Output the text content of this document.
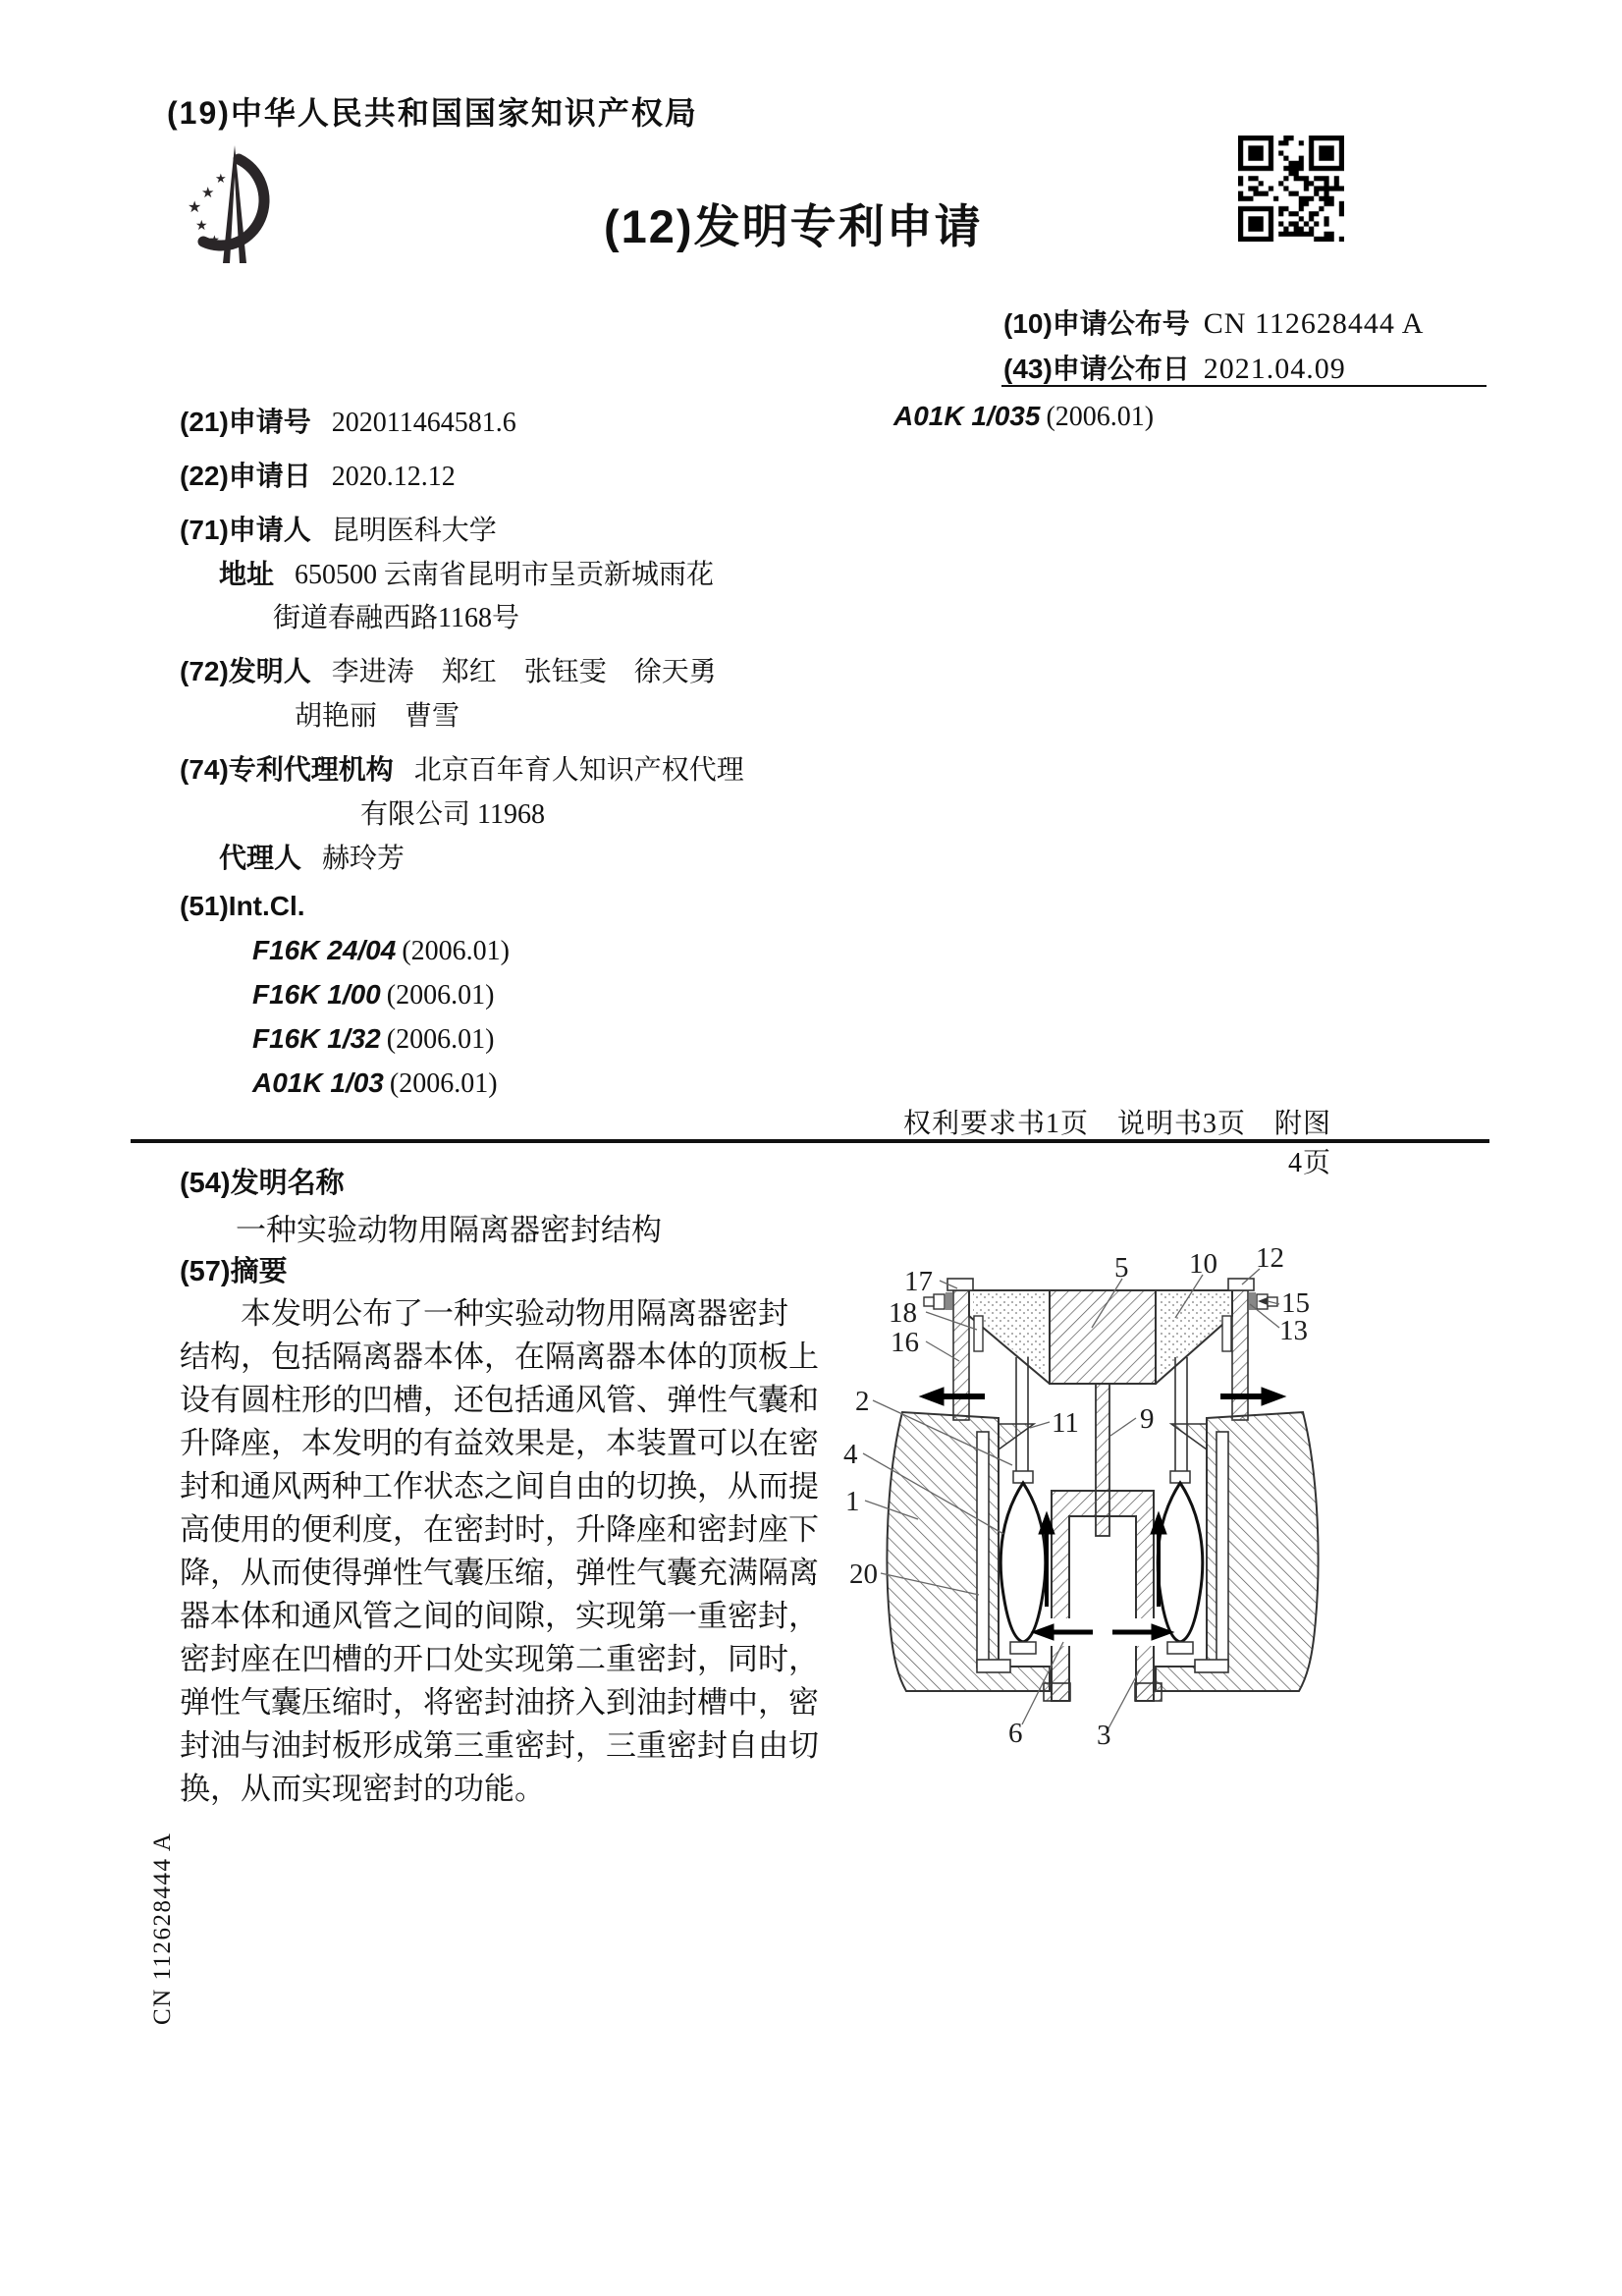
(19)中华人民共和国国家知识产权局
★
★
★
★
★	(12)发明专利申请
(10)申请公布号 CN 112628444 A
(43)申请公布日 2021.04.09
(21)申请号 202011464581.6
(22)申请日 2020.12.12
(71)申请人 昆明医科大学
地址 650500 云南省昆明市呈贡新城雨花
街道春融西路1168号
(72)发明人 李进涛　郑红　张钰雯　徐天勇
胡艳丽　曹雪
(74)专利代理机构 北京百年育人知识产权代理
有限公司 11968
代理人 赫玲芳
(51)Int.Cl.
F16K 24/04 (2006.01)
F16K 1/00 (2006.01)
F16K 1/32 (2006.01)
A01K 1/03 (2006.01)
A01K 1/035 (2006.01)
权利要求书1页　说明书3页　附图4页
(54)发明名称
一种实验动物用隔离器密封结构
(57)摘要
本发明公布了一种实验动物用隔离器密封
结构，包括隔离器本体，在隔离器本体的顶板上
设有圆柱形的凹槽，还包括通风管、弹性气囊和
升降座，本发明的有益效果是，本装置可以在密
封和通风两种工作状态之间自由的切换，从而提
高使用的便利度，在密封时，升降座和密封座下
降，从而使得弹性气囊压缩，弹性气囊充满隔离
器本体和通风管之间的间隙，实现第一重密封，
密封座在凹槽的开口处实现第二重密封，同时，
弹性气囊压缩时，将密封油挤入到油封槽中，密
封油与油封板形成第三重密封，三重密封自由切
换，从而实现密封的功能。
17
18
16
2
4
1
20
5 10 12
15
13
11 9
6	3
CN 112628444 A
